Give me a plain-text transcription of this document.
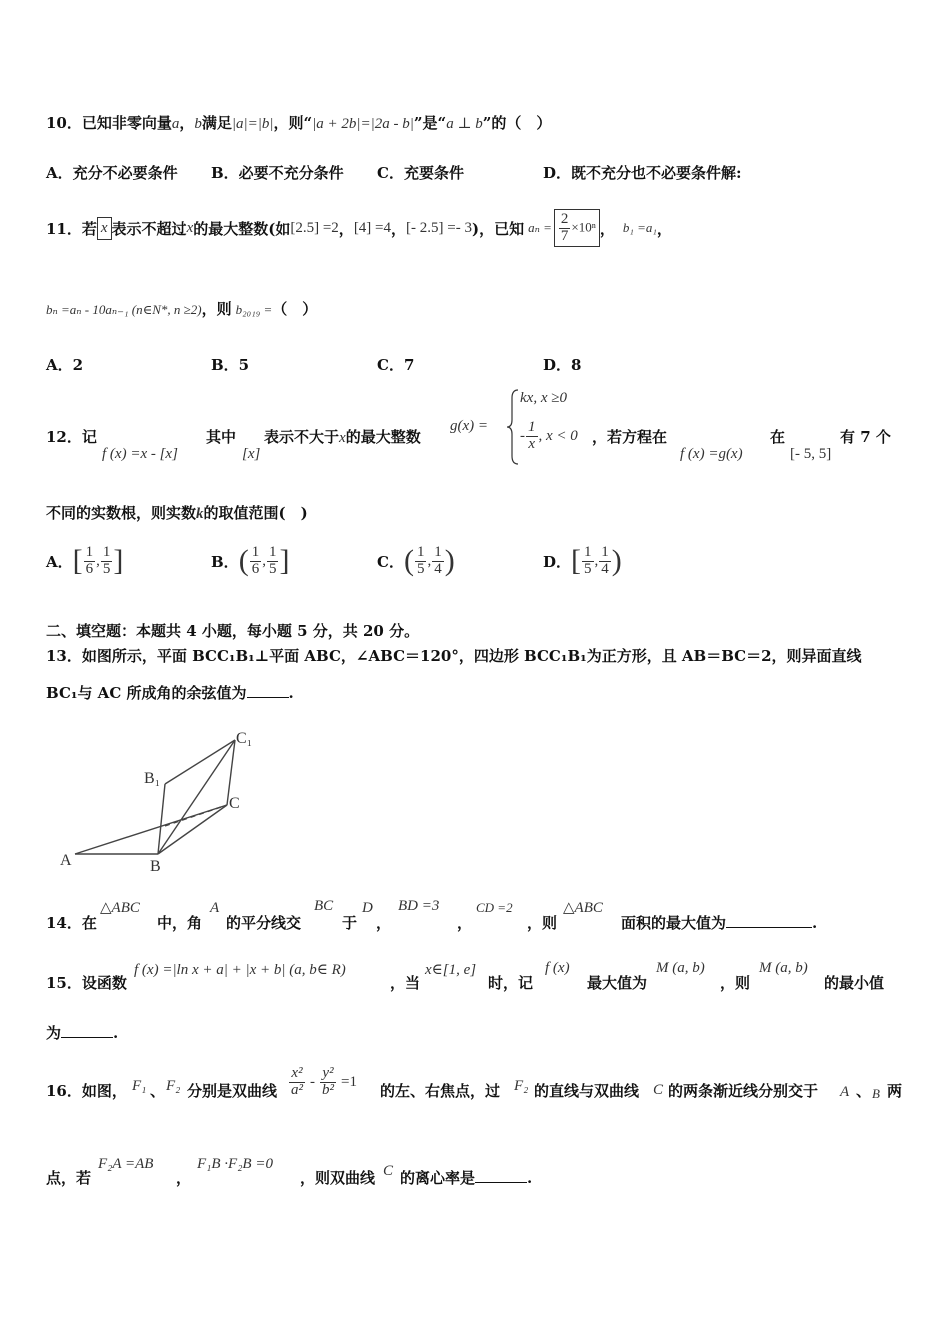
10．已知非零向量a，b满足|a|=|b|，则“|a + 2b|=|2a - b|”是“a ⊥ b”的（　）
A．充分不必要条件 B．必要不充分条件 C．充要条件	D．既不充分也不必要条件解:
11．若 x 表示不超过 x 的最大整数(如 [2.5] =2 ， [4] =4 ， [- 2.5] =- 3 )，已知 $a_n = \frac{2}{7} \times 10^n$ ， b₁ =a₁ ，
bₙ =aₙ - 10aₙ₋₁ (n∈N*, n ≥2)，则 b₂₀₁₉ =（　）
A．2	B．5	C．7	D．8
12．记
f (x) =x - [x]
其中
[x]
表示不大于x的最大整数
g(x) =
kx, x ≥0
- $\frac{1}{x}$ , x < 0 ，若方程在
f (x) =g(x)
在
[- 5, 5]
有 7 个
不同的实数根，则实数k的取值范围(　)
A． [ $\frac{1}{6}$ , $\frac{1}{5}$ ]	B． ( $\frac{1}{6}$ , $\frac{1}{5}$ ]	C． ( $\frac{1}{5}$ , $\frac{1}{4}$ )	D． [ $\frac{1}{5}$ , $\frac{1}{4}$ )
二、填空题：本题共 4 小题，每小题 5 分，共 20 分。
13．如图所示，平面 BCC₁B₁⊥平面 ABC，∠ABC＝120°，四边形 BCC₁B₁为正方形，且 AB＝BC＝2，则异面直线
BC₁与 AC 所成角的余弦值为	.
A	B
C
B₁
C₁
14．在
△ABC
中，角
A
的平分线交
BC
于
D
，
BD =3
，
CD =2
，则
△ABC
面积的最大值为	.
15．设函数
f (x) =|ln x + a| + |x + b| (a, b∈ R)
，当
x∈[1, e]
时，记
f (x)
最大值为
M (a, b)
，则
M (a, b)
的最小值
为	.
16．如图， F₁ 、 F₂ 分别是双曲线 $\frac{\text{x²}}{\text{a²}} - \frac{\text{y²}}{\text{b²}} =1$
的左、右焦点，过 F₂ 的直线与双曲线 C 的两条渐近线分别交于 A 、 B 两
点，若
F₂A =AB
，
F₁B ·F₂B =0
，则双曲线 C 的离心率是	.
